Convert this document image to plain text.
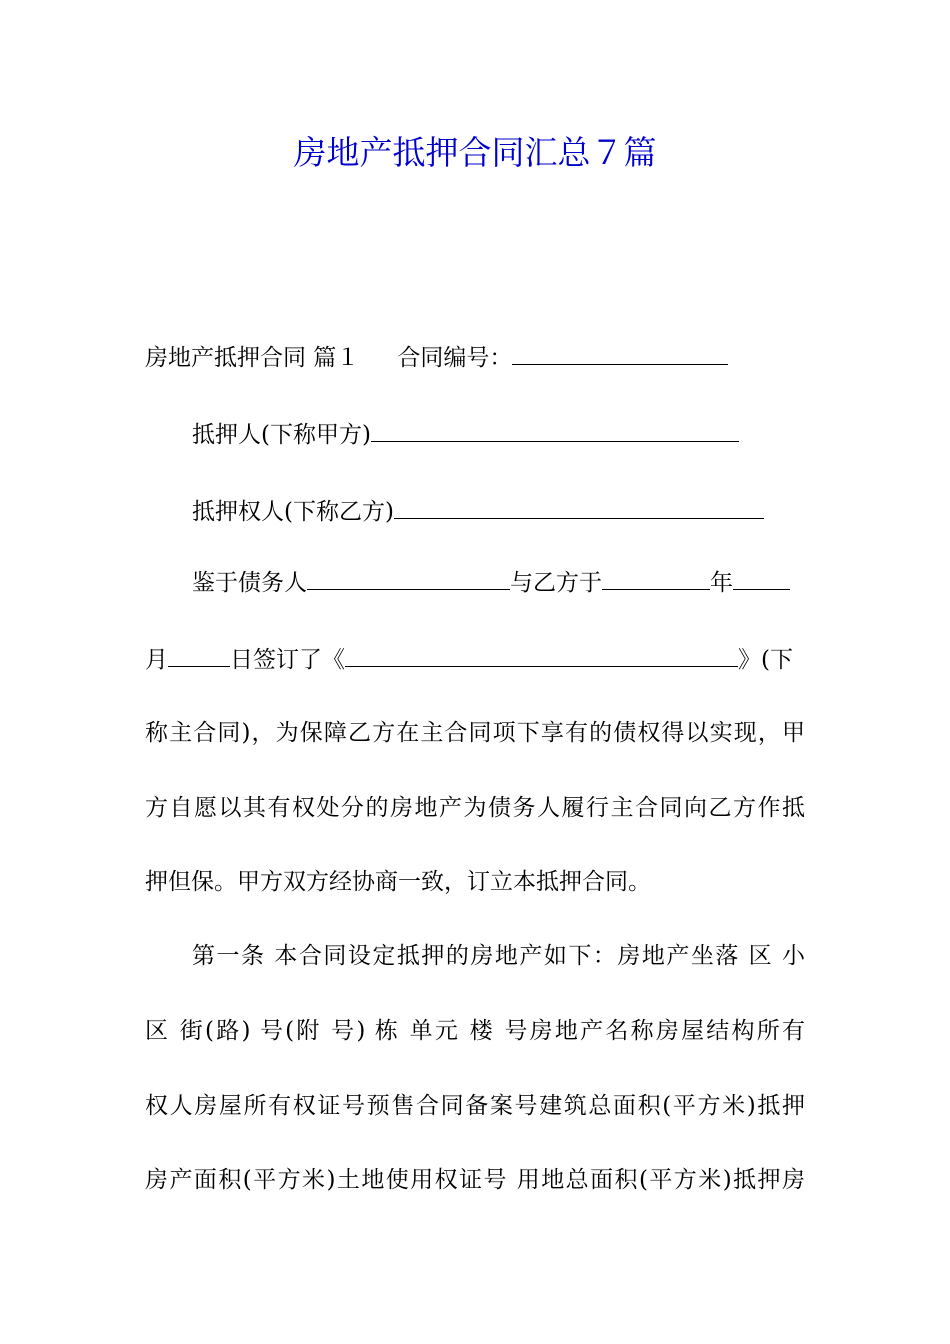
房地产抵押合同汇总７篇
房地产抵押合同 篇１ 合同编号：
抵押人(下称甲方)
抵押权人(下称乙方)
鉴于债务人	与乙方于	年
月	日签订了《	》(下
称主合同)，为保障乙方在主合同项下享有的债权得以实现，甲
方自愿以其有权处分的房地产为债务人履行主合同向乙方作抵
押但保。甲方双方经协商一致，订立本抵押合同。
第一条 本合同设定抵押的房地产如下：房地产坐落 区 小
区 街(路) 号(附 号) 栋 单元 楼 号房地产名称房屋结构所有
权人房屋所有权证号预售合同备案号建筑总面积(平方米)抵押
房产面积(平方米)土地使用权证号 用地总面积(平方米)抵押房
